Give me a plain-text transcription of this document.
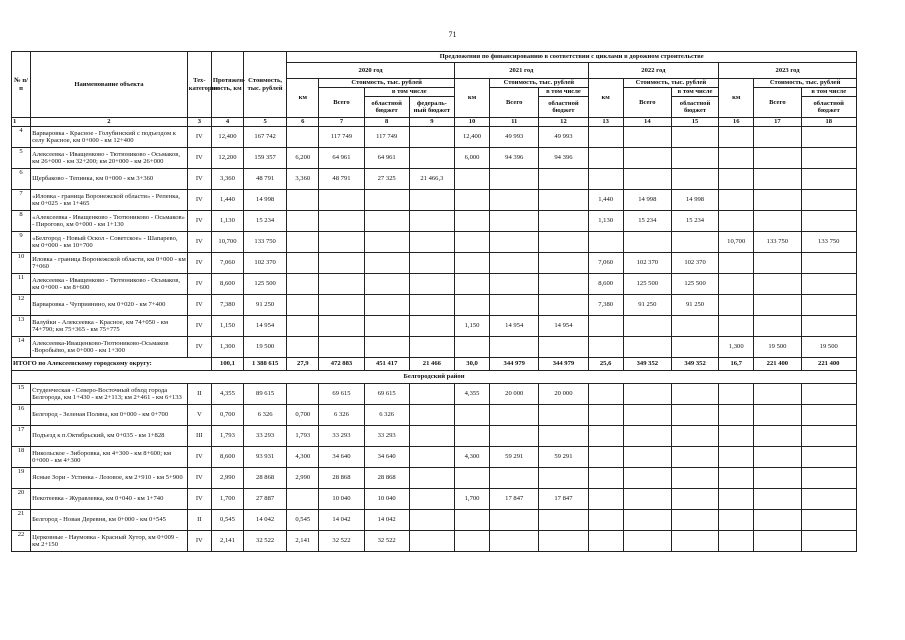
71
№ п/п	Наименование объекта	Тех-категория	Протяжен-ность, км	Стоимость, тыс. рублей	Предложения по финансированию в соответствии с циклами в дорожном строительстве												
					2020 год				2021 год			2022 год			2023 год		
					км	Стоимость, тыс. рублей			км	Стоимость, тыс. рублей		км	Стоимость, тыс. рублей		км	Стоимость, тыс. рублей	
						Всего	в том числе			Всего	в том числе		Всего	в том числе		Всего	в том числе
							областной бюджет	федераль-ный бюджет			областной бюджет			областной бюджет			областной бюджет
1	2	3	4	5	6	7	8	9	10	11	12	13	14	15	16	17	18
4	Варваровка - Красное - Голубинский с подъездом к селу Красное, км 0+000 - км 12+400	IV	12,400	167 742		117 749	117 749		12,400	49 993	49 993						
5	Алексеевка - Иващенково - Тютюниково - Осьмаков, км 26+000 - км 32+200; км 20+000 - км 26+000	IV	12,200	159 357	6,200	64 961	64 961		6,000	94 396	94 396						
6	Щербаково - Тепинка, км 0+000 - км 3+360	IV	3,360	48 791	3,360	48 791	27 325	21 466,3									
7	«Иловка - граница Воронежской области» - Репенка, км 0+025 - км 1+465	IV	1,440	14 998								1,440	14 998	14 998			
8	«Алексеевка - Иващенково - Тютюниково - Осьмаков» - Пирогово, км 0+000 - км 1+130	IV	1,130	15 234								1,130	15 234	15 234			
9	«Белгород - Новый Оскол - Советское» - Шапарево, км 0+000 - км 10+700	IV	10,700	133 750											10,700	133 750	133 750
10	Иловка - граница Воронежской области, км 0+000 - км 7+060	IV	7,060	102 370								7,060	102 370	102 370			
11	Алексеевка - Иващенково - Тютюниково - Осьмаков, км 0+000 - км 8+600	IV	8,600	125 500								8,600	125 500	125 500			
12	Варваровка - Чуприянино, км 0+020 - км 7+400	IV	7,380	91 250								7,380	91 250	91 250			
13	Валуйки - Алексеевка - Красное, км 74+050 - км 74+790; км 75+365 - км 75+775	IV	1,150	14 954					1,150	14 954	14 954						
14	Алексеевка-Иващенково-Тютюниково-Осьмаков -Воробьёво, км 0+000 - км 1+300	IV	1,300	19 500											1,300	19 500	19 500
ИТОГО по Алексеевскому городскому округу:			100,1	1 388 615	27,9	472 883	451 417	21 466	30,0	344 979	344 979	25,6	349 352	349 352	16,7	221 400	221 400
Белгородский район																	
15	Студенческая - Северо-Восточный обход города Белгорода, км 1+430 - км 2+113; км 2+461 - км 6+133	II	4,355	89 615		69 615	69 615		4,355	20 000	20 000						
16	Белгород - Зеленая Поляна, км 0+000 - км 0+700	V	0,700	6 326	0,700	6 326	6 326										
17	Подъезд к п.Октябрьский, км 0+035 - км 1+828	III	1,793	33 293	1,793	33 293	33 293										
18	Никольское - Зиборовка, км 4+300 - км 8+600; км 0+000 - км 4+300	IV	8,600	93 931	4,300	34 640	34 640		4,300	59 291	59 291						
19	Ясные Зори - Устинка - Лозовое, км 2+910 - км 5+900	IV	2,990	28 868	2,990	28 868	28 868										
20	Некотеевка - Журавлевка, км 0+040 - км 1+740	IV	1,700	27 887		10 040	10 040		1,700	17 847	17 847						
21	Белгород - Новая Деревня, км 0+000 - км 0+545	II	0,545	14 042	0,545	14 042	14 042										
22	Церковные - Наумовка - Красный Хутор, км 0+009 - км 2+150	IV	2,141	32 522	2,141	32 522	32 522										
